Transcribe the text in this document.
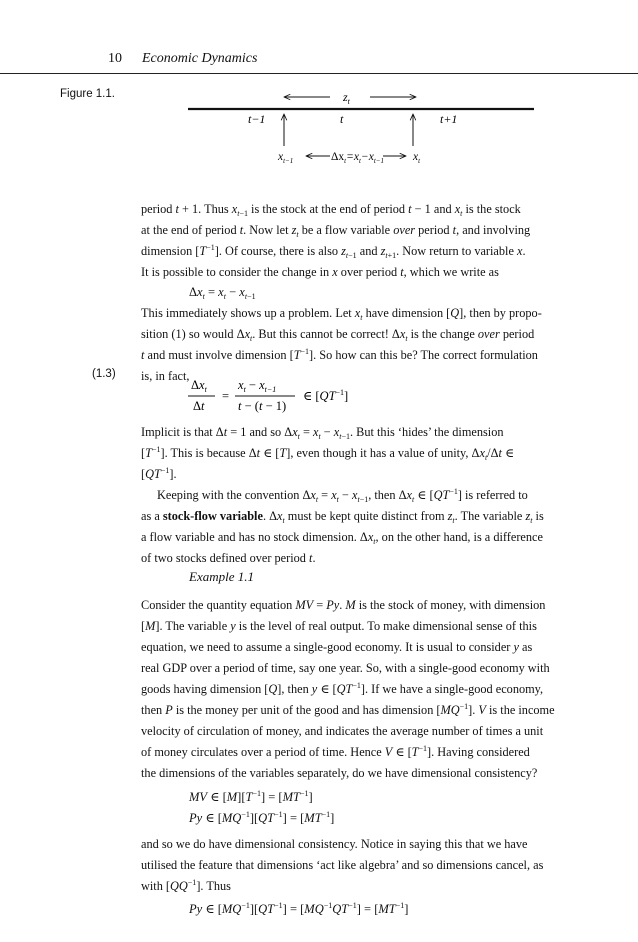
10 Economic Dynamics
Figure 1.1.	$z_t$
t−1	t	t+1
$x_{t-1}$	$\Delta x_t=x_t-x_{t-1}$	$x_t$
period t + 1. Thus $x_{t-1}$ is the stock at the end of period t − 1 and $x_t$ is the stock
at the end of period t. Now let $z_t$ be a flow variable over period t, and involving
dimension $[T^{-1}]$. Of course, there is also $z_{t-1}$ and $z_{t+1}$. Now return to variable x.
It is possible to consider the change in x over period t, which we write as
$\Delta x_t = x_t - x_{t-1}$
This immediately shows up a problem. Let $x_t$ have dimension [Q], then by propo-
sition (1) so would $\Delta x_t$. But this cannot be correct! $\Delta x_t$ is the change over period
t and must involve dimension $[T^{-1}]$. So how can this be? The correct formulation
is, in fact,
(1.3)
$\Delta x_t$
Δt
=
$x_t - x_{t-1}$
t − (t − 1)
∈ $[QT^{-1}]$
Implicit is that Δt = 1 and so $\Delta x_t = x_t - x_{t-1}$. But this ‘hides’ the dimension
$[T^{-1}]$. This is because Δt ∈ [T], even though it has a value of unity, $\Delta x_t/\Delta t$ ∈
$[QT^{-1}]$.
Keeping with the convention $\Delta x_t = x_t - x_{t-1}$, then $\Delta x_t$ ∈ $[QT^{-1}]$ is referred to
as a stock-flow variable. $\Delta x_t$ must be kept quite distinct from $z_t$. The variable $z_t$ is
a flow variable and has no stock dimension. $\Delta x_t$, on the other hand, is a difference
of two stocks defined over period t.
Example 1.1
Consider the quantity equation MV = Py. M is the stock of money, with dimension
[M]. The variable y is the level of real output. To make dimensional sense of this
equation, we need to assume a single-good economy. It is usual to consider y as
real GDP over a period of time, say one year. So, with a single-good economy with
goods having dimension [Q], then y ∈ $[QT^{-1}]$. If we have a single-good economy,
then P is the money per unit of the good and has dimension $[MQ^{-1}]$. V is the income
velocity of circulation of money, and indicates the average number of times a unit
of money circulates over a period of time. Hence V ∈ $[T^{-1}]$. Having considered
the dimensions of the variables separately, do we have dimensional consistency?
MV ∈ $[M][T^{-1}] = [MT^{-1}]$
Py ∈ $[MQ^{-1}][QT^{-1}] = [MT^{-1}]$
and so we do have dimensional consistency. Notice in saying this that we have
utilised the feature that dimensions ‘act like algebra’ and so dimensions cancel, as
with $[QQ^{-1}]$. Thus
Py ∈ $[MQ^{-1}][QT^{-1}] = [MQ^{-1}QT^{-1}] = [MT^{-1}]$
